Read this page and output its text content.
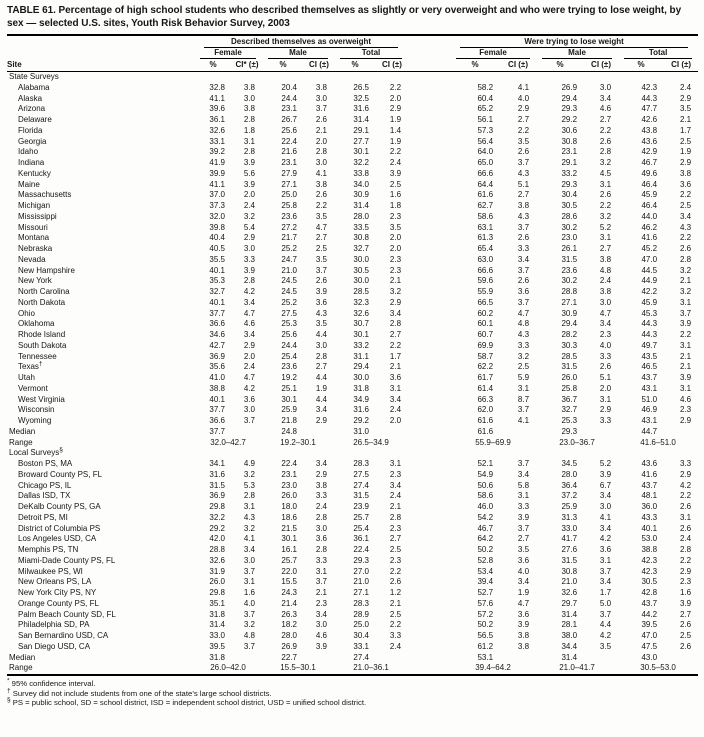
TABLE 61. Percentage of high school students who described themselves as slightly or very overweight and who were trying to lose weight, by sex — selected U.S. sites, Youth Risk Behavior Survey, 2003

	Described themselves as overweight							Were trying to lose weight					

	Female		Male		Total			Female		Male		Total	

Site	%	CI* (±)	%	CI (±)	%	CI (±)		%	CI (±)	%	CI (±)	%	CI (±)
State Surveys													
Alabama	32.8	3.8	20.4	3.8	26.5	2.2		58.2	4.1	26.9	3.0	42.3	2.4
Alaska	41.1	3.0	24.4	3.0	32.5	2.0		60.4	4.0	29.4	3.4	44.3	2.9
Arizona	39.6	3.8	23.1	3.7	31.6	2.9		65.2	2.9	29.3	4.6	47.7	3.5
Delaware	36.1	2.8	26.7	2.6	31.4	1.9		56.1	2.7	29.2	2.7	42.6	2.1
Florida	32.6	1.8	25.6	2.1	29.1	1.4		57.3	2.2	30.6	2.2	43.8	1.7
Georgia	33.1	3.1	22.4	2.0	27.7	1.9		56.4	3.5	30.8	2.6	43.6	2.5
Idaho	39.2	2.8	21.6	2.8	30.1	2.2		64.0	2.6	23.1	2.8	42.9	1.9
Indiana	41.9	3.9	23.1	3.0	32.2	2.4		65.0	3.7	29.1	3.2	46.7	2.9
Kentucky	39.9	5.6	27.9	4.1	33.8	3.9		66.6	4.3	33.2	4.5	49.6	3.8
Maine	41.1	3.9	27.1	3.8	34.0	2.5		64.4	5.1	29.3	3.1	46.4	3.6
Massachusetts	37.0	2.0	25.0	2.6	30.9	1.6		61.6	2.7	30.4	2.6	45.9	2.2
Michigan	37.3	2.4	25.8	2.2	31.4	1.8		62.7	3.8	30.5	2.2	46.4	2.5
Mississippi	32.0	3.2	23.6	3.5	28.0	2.3		58.6	4.3	28.6	3.2	44.0	3.4
Missouri	39.8	5.4	27.2	4.7	33.5	3.5		63.1	3.7	30.2	5.2	46.2	4.3
Montana	40.4	2.9	21.7	2.7	30.8	2.0		61.3	2.6	23.0	3.1	41.6	2.2
Nebraska	40.5	3.0	25.2	2.5	32.7	2.0		65.4	3.3	26.1	2.7	45.2	2.6
Nevada	35.5	3.3	24.7	3.5	30.0	2.3		63.0	3.4	31.5	3.8	47.0	2.8
New Hampshire	40.1	3.9	21.0	3.7	30.5	2.3		66.6	3.7	23.6	4.8	44.5	3.2
New York	35.3	2.8	24.5	2.6	30.0	2.1		59.6	2.6	30.2	2.4	44.9	2.1
North Carolina	32.7	4.2	24.5	3.9	28.5	3.2		55.9	3.6	28.8	3.8	42.2	3.2
North Dakota	40.1	3.4	25.2	3.6	32.3	2.9		66.5	3.7	27.1	3.0	45.9	3.1
Ohio	37.7	4.7	27.5	4.3	32.6	3.4		60.2	4.7	30.9	4.7	45.3	3.7
Oklahoma	36.6	4.6	25.3	3.5	30.7	2.8		60.1	4.8	29.4	3.4	44.3	3.9
Rhode Island	34.6	3.4	25.6	4.4	30.1	2.7		60.7	4.3	28.2	2.3	44.3	2.2
South Dakota	42.7	2.9	24.4	3.0	33.2	2.2		69.9	3.3	30.3	4.0	49.7	3.1
Tennessee	36.9	2.0	25.4	2.8	31.1	1.7		58.7	3.2	28.5	3.3	43.5	2.1
Texas†	35.6	2.4	23.6	2.7	29.4	2.1		62.2	2.5	31.5	2.6	46.5	2.1
Utah	41.0	4.7	19.2	4.4	30.0	3.6		61.7	5.9	26.0	5.1	43.7	3.9
Vermont	38.8	4.2	25.1	1.9	31.8	3.1		61.4	3.1	25.8	2.0	43.1	3.1
West Virginia	40.1	3.6	30.1	4.4	34.9	3.4		66.3	8.7	36.7	3.1	51.0	4.6
Wisconsin	37.7	3.0	25.9	3.4	31.6	2.4		62.0	3.7	32.7	2.9	46.9	2.3
Wyoming	36.6	3.7	21.8	2.9	29.2	2.0		61.6	4.1	25.3	3.3	43.1	2.9
Median	37.7		24.8		31.0			61.6		29.3		44.7	
Range	32.0–42.7		19.2–30.1		26.5–34.9			55.9–69.9		23.0–36.7		41.6–51.0	
Local Surveys§	
Boston PS, MA	34.1	4.9	22.4	3.4	28.3	3.1		52.1	3.7	34.5	5.2	43.6	3.3
Broward County PS, FL	31.6	3.2	23.1	2.9	27.5	2.3		54.9	3.4	28.0	3.9	41.6	2.9
Chicago PS, IL	31.5	5.3	23.0	3.8	27.4	3.4		50.6	5.8	36.4	6.7	43.7	4.2
Dallas ISD, TX	36.9	2.8	26.0	3.3	31.5	2.4		58.6	3.1	37.2	3.4	48.1	2.2
DeKalb County PS, GA	29.8	3.1	18.0	2.4	23.9	2.1		46.0	3.3	25.9	3.0	36.0	2.6
Detroit PS, MI	32.2	4.3	18.6	2.8	25.7	2.8		54.2	3.9	31.3	4.1	43.3	3.1
District of Columbia PS	29.2	3.2	21.5	3.0	25.4	2.3		46.7	3.7	33.0	3.4	40.1	2.6
Los Angeles USD, CA	42.0	4.1	30.1	3.6	36.1	2.7		64.2	2.7	41.7	4.2	53.0	2.4
Memphis PS, TN	28.8	3.4	16.1	2.8	22.4	2.5		50.2	3.5	27.6	3.6	38.8	2.8
Miami-Dade County PS, FL	32.6	3.0	25.7	3.3	29.3	2.3		52.8	3.6	31.5	3.1	42.3	2.2
Milwaukee PS, WI	31.9	3.7	22.0	3.1	27.0	2.2		53.4	4.0	30.8	3.7	42.3	2.9
New Orleans PS, LA	26.0	3.1	15.5	3.7	21.0	2.6		39.4	3.4	21.0	3.4	30.5	2.3
New York City PS, NY	29.8	1.6	24.3	2.1	27.1	1.2		52.7	1.9	32.6	1.7	42.8	1.6
Orange County PS, FL	35.1	4.0	21.4	2.3	28.3	2.1		57.6	4.7	29.7	5.0	43.7	3.9
Palm Beach County SD, FL	31.8	3.7	26.3	3.4	28.9	2.5		57.2	3.6	31.4	3.7	44.2	2.7
Philadelphia SD, PA	31.4	3.2	18.2	3.0	25.0	2.2		50.2	3.9	28.1	4.4	39.5	2.6
San Bernardino USD, CA	33.0	4.8	28.0	4.6	30.4	3.3		56.5	3.8	38.0	4.2	47.0	2.5
San Diego USD, CA	39.5	3.7	26.9	3.9	33.1	2.4		61.2	3.8	34.4	3.5	47.5	2.6
Median	31.8		22.7		27.4			53.1		31.4		43.0	
Range	26.0–42.0		15.5–30.1		21.0–36.1			39.4–64.2		21.0–41.7		30.5–53.0	
* 95% confidence interval.
† Survey did not include students from one of the state’s large school districts.
§ PS = public school, SD = school district, ISD = independent school district, USD = unified school district.
